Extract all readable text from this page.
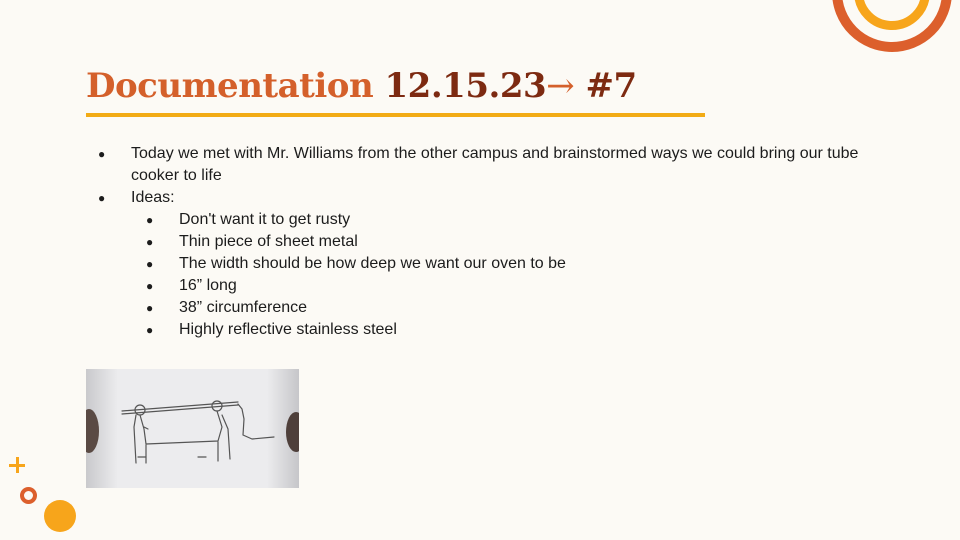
Documentation 12.15.23→ #7
● Today we met with Mr. Williams from the other campus and brainstormed ways we could bring our tube cooker to life
● Ideas:
● Don't want it to get rusty
● Thin piece of sheet metal
● The width should be how deep we want our oven to be
● 16” long
● 38” circumference
● Highly reflective stainless steel
